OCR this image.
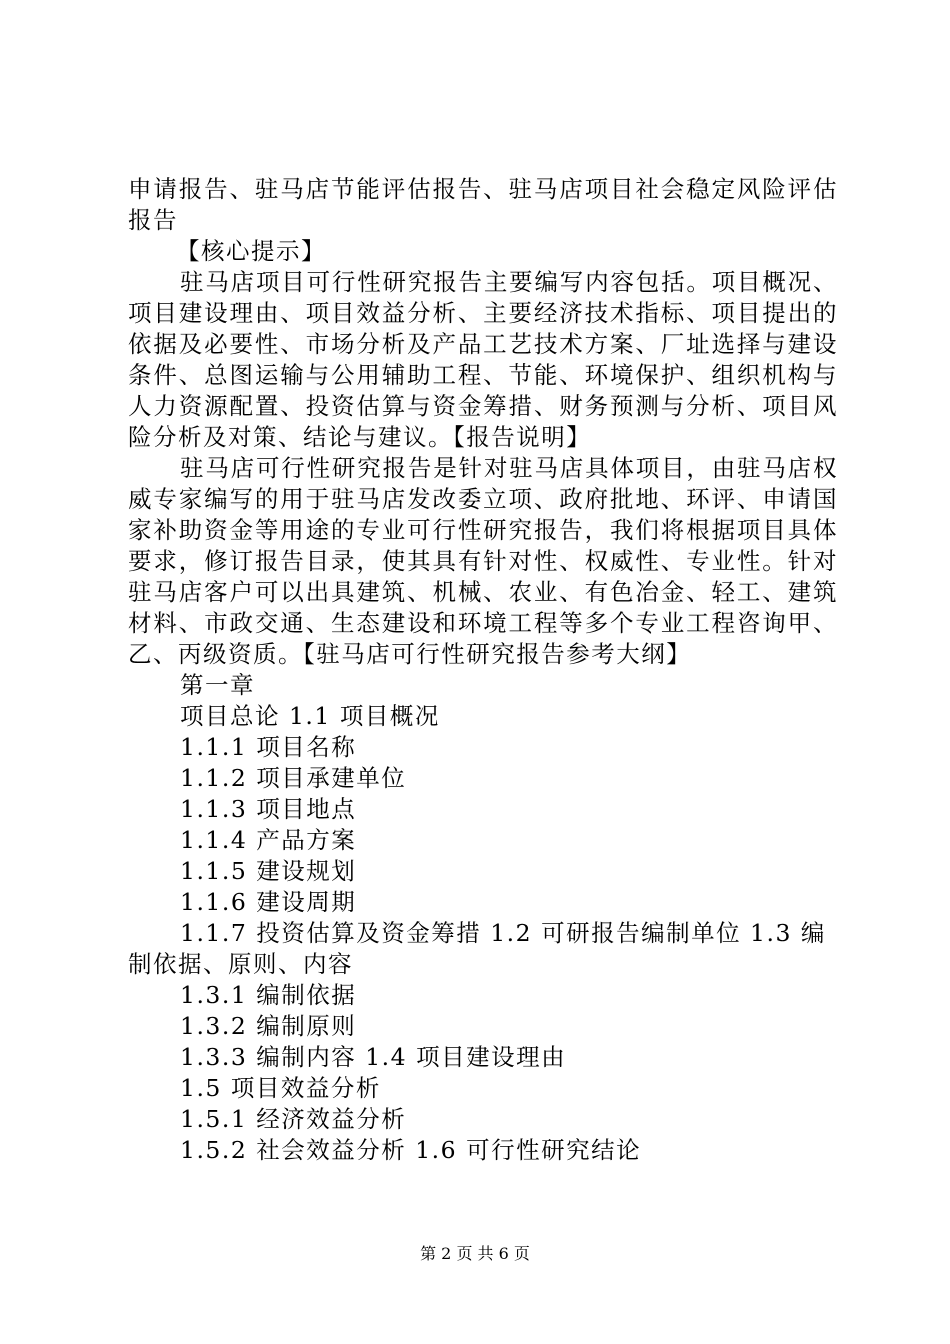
申请报告、驻马店节能评估报告、驻马店项目社会稳定风险评估报告

【核心提示】

驻马店项目可行性研究报告主要编写内容包括。项目概况、项目建设理由、项目效益分析、主要经济技术指标、项目提出的依据及必要性、市场分析及产品工艺技术方案、厂址选择与建设条件、总图运输与公用辅助工程、节能、环境保护、组织机构与人力资源配置、投资估算与资金筹措、财务预测与分析、项目风险分析及对策、结论与建议。【报告说明】

驻马店可行性研究报告是针对驻马店具体项目，由驻马店权威专家编写的用于驻马店发改委立项、政府批地、环评、申请国家补助资金等用途的专业可行性研究报告，我们将根据项目具体要求，修订报告目录，使其具有针对性、权威性、专业性。针对驻马店客户可以出具建筑、机械、农业、有色冶金、轻工、建筑材料、市政交通、生态建设和环境工程等多个专业工程咨询甲、乙、丙级资质。【驻马店可行性研究报告参考大纲】

第一章

项目总论 1.1 项目概况

1.1.1 项目名称

1.1.2 项目承建单位

1.1.3 项目地点

1.1.4 产品方案

1.1.5 建设规划

1.1.6 建设周期

1.1.7 投资估算及资金筹措 1.2 可研报告编制单位 1.3 编制依据、原则、内容

1.3.1 编制依据

1.3.2 编制原则

1.3.3 编制内容 1.4 项目建设理由

1.5 项目效益分析

1.5.1 经济效益分析

1.5.2 社会效益分析 1.6 可行性研究结论

第 2 页 共 6 页
